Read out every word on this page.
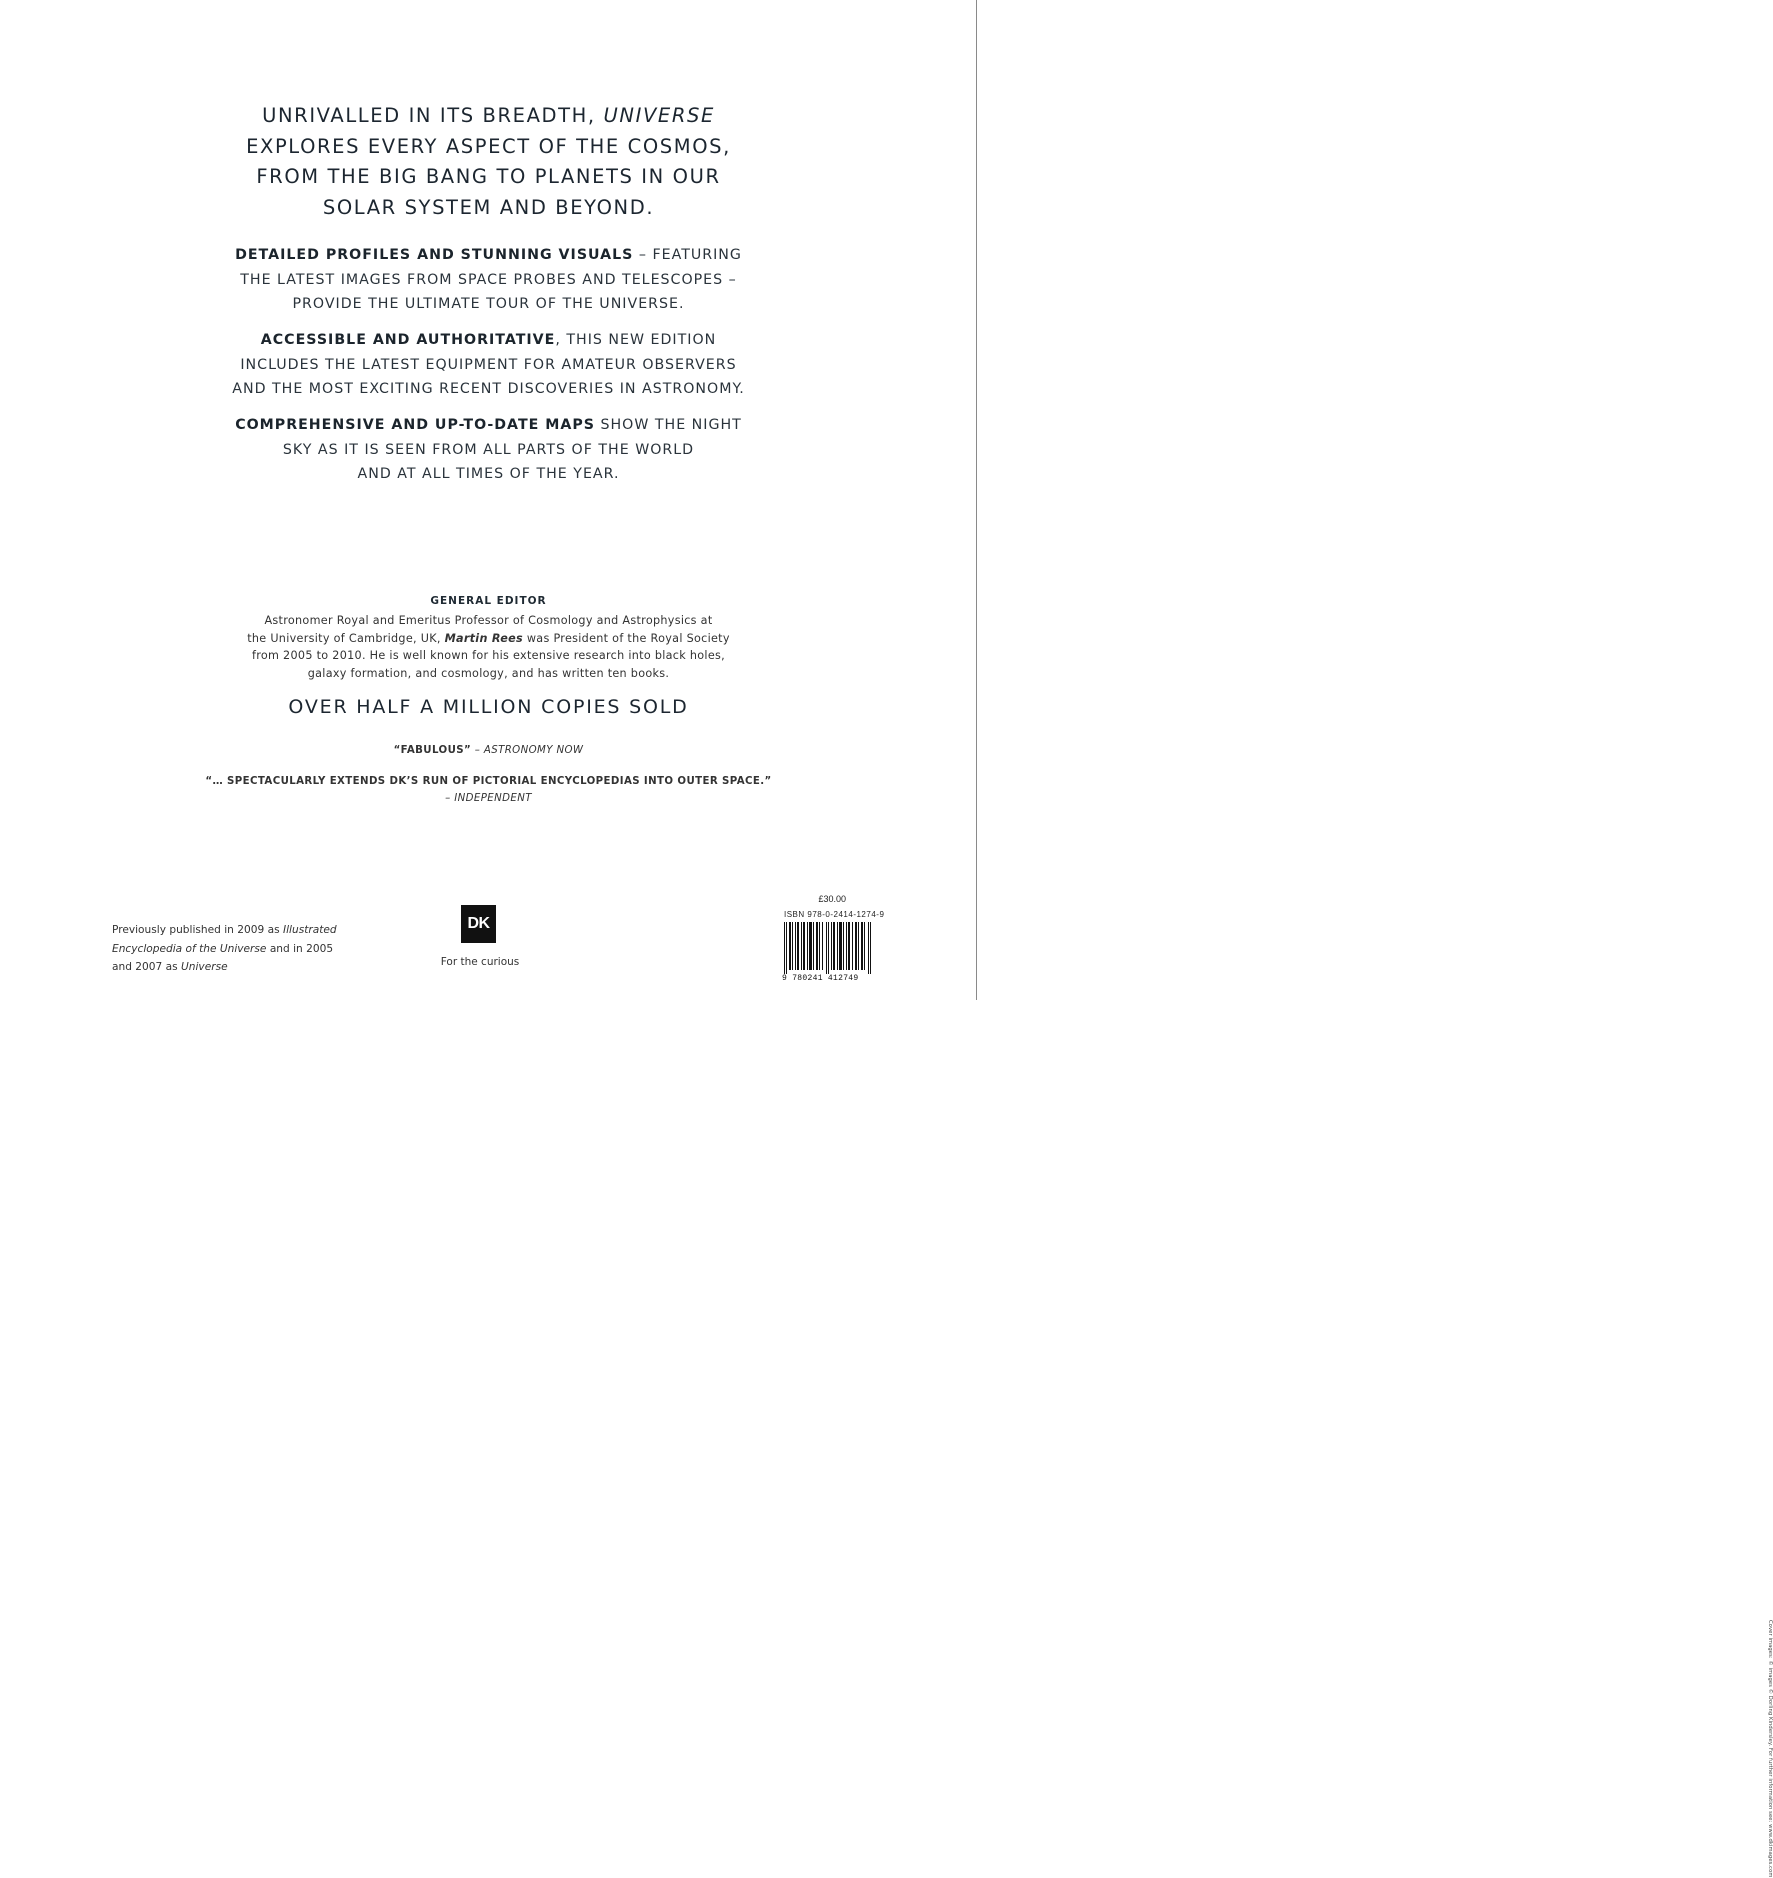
UNRIVALLED IN ITS BREADTH, UNIVERSE
EXPLORES EVERY ASPECT OF THE COSMOS,
FROM THE BIG BANG TO PLANETS IN OUR
SOLAR SYSTEM AND BEYOND.
DETAILED PROFILES AND STUNNING VISUALS – FEATURING
THE LATEST IMAGES FROM SPACE PROBES AND TELESCOPES –
PROVIDE THE ULTIMATE TOUR OF THE UNIVERSE.
ACCESSIBLE AND AUTHORITATIVE, THIS NEW EDITION
INCLUDES THE LATEST EQUIPMENT FOR AMATEUR OBSERVERS
AND THE MOST EXCITING RECENT DISCOVERIES IN ASTRONOMY.
COMPREHENSIVE AND UP-TO-DATE MAPS SHOW THE NIGHT
SKY AS IT IS SEEN FROM ALL PARTS OF THE WORLD
AND AT ALL TIMES OF THE YEAR.
GENERAL EDITOR
Astronomer Royal and Emeritus Professor of Cosmology and Astrophysics at
the University of Cambridge, UK, Martin Rees was President of the Royal Society
from 2005 to 2010. He is well known for his extensive research into black holes,
galaxy formation, and cosmology, and has written ten books.
OVER HALF A MILLION COPIES SOLD
“FABULOUS” – ASTRONOMY NOW
“… SPECTACULARLY EXTENDS DK’S RUN OF PICTORIAL ENCYCLOPEDIAS INTO OUTER SPACE.”
– INDEPENDENT
Previously published in 2009 as Illustrated
Encyclopedia of the Universe and in 2005
and 2007 as Universe
DK
For the curious
Cover images: © images © Dorling Kindersley. For further information see: www.dkimages.com
£30.00
ISBN 978-0-2414-1274-9
9 780241 412749
